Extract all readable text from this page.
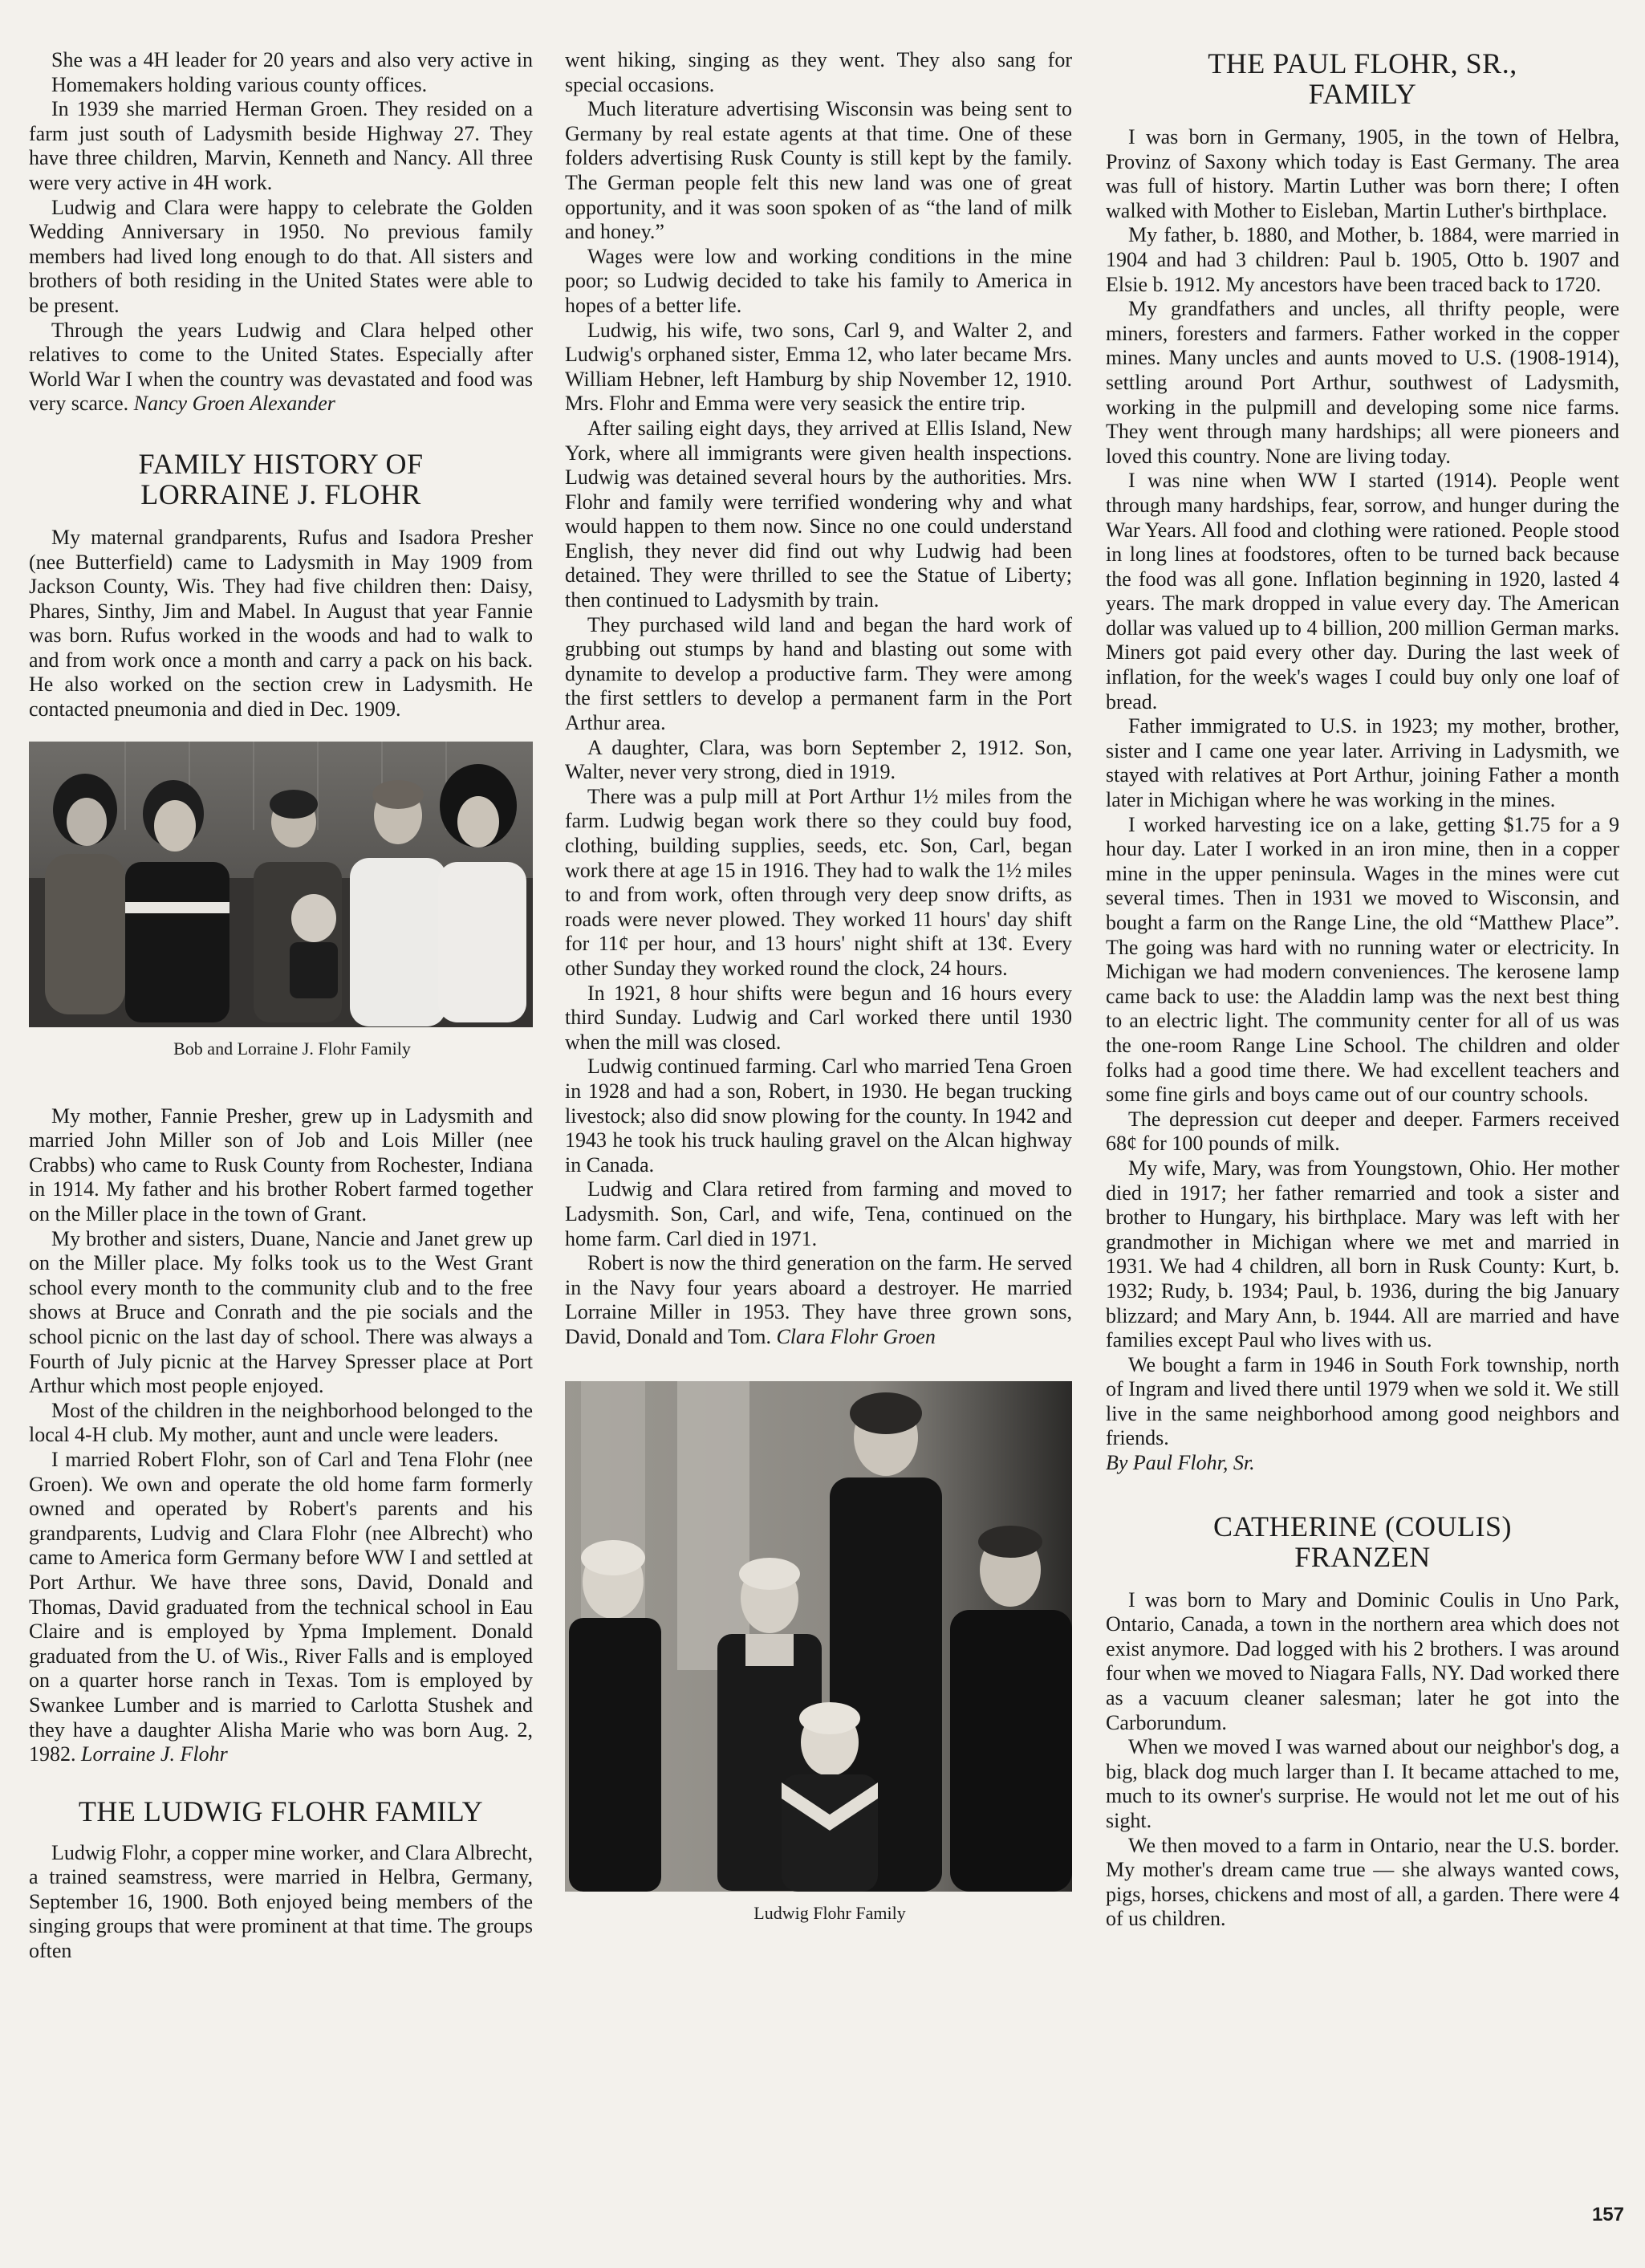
She was a 4H leader for 20 years and also very active in Homemakers holding various county offices.

In 1939 she married Herman Groen. They resided on a farm just south of Ladysmith beside Highway 27. They have three children, Marvin, Kenneth and Nancy. All three were very active in 4H work.

Ludwig and Clara were happy to celebrate the Golden Wedding Anniversary in 1950. No previous family members had lived long enough to do that. All sisters and brothers of both residing in the United States were able to be present.

Through the years Ludwig and Clara helped other relatives to come to the United States. Especially after World War I when the country was devastated and food was very scarce. Nancy Groen Alexander

FAMILY HISTORY OF
LORRAINE J. FLOHR

My maternal grandparents, Rufus and Isadora Presher (nee Butterfield) came to Ladysmith in May 1909 from Jackson County, Wis. They had five children then: Daisy, Phares, Sinthy, Jim and Mabel. In August that year Fannie was born. Rufus worked in the woods and had to walk to and from work once a month and carry a pack on his back. He also worked on the section crew in Ladysmith. He contacted pneumonia and died in Dec. 1909.

Bob and Lorraine J. Flohr Family

My mother, Fannie Presher, grew up in Ladysmith and married John Miller son of Job and Lois Miller (nee Crabbs) who came to Rusk County from Rochester, Indiana in 1914. My father and his brother Robert farmed together on the Miller place in the town of Grant.

My brother and sisters, Duane, Nancie and Janet grew up on the Miller place. My folks took us to the West Grant school every month to the community club and to the free shows at Bruce and Conrath and the pie socials and the school picnic on the last day of school. There was always a Fourth of July picnic at the Harvey Spresser place at Port Arthur which most people enjoyed.

Most of the children in the neighborhood belonged to the local 4-H club. My mother, aunt and uncle were leaders.

I married Robert Flohr, son of Carl and Tena Flohr (nee Groen). We own and operate the old home farm formerly owned and operated by Robert's parents and his grandparents, Ludvig and Clara Flohr (nee Albrecht) who came to America form Germany before WW I and settled at Port Arthur. We have three sons, David, Donald and Thomas, David graduated from the technical school in Eau Claire and is employed by Ypma Implement. Donald graduated from the U. of Wis., River Falls and is employed on a quarter horse ranch in Texas. Tom is employed by Swankee Lumber and is married to Carlotta Stushek and they have a daughter Alisha Marie who was born Aug. 2, 1982. Lorraine J. Flohr

THE LUDWIG FLOHR FAMILY

Ludwig Flohr, a copper mine worker, and Clara Albrecht, a trained seamstress, were married in Helbra, Germany, September 16, 1900. Both enjoyed being members of the singing groups that were prominent at that time. The groups often

went hiking, singing as they went. They also sang for special occasions.

Much literature advertising Wisconsin was being sent to Germany by real estate agents at that time. One of these folders advertising Rusk County is still kept by the family. The German people felt this new land was one of great opportunity, and it was soon spoken of as “the land of milk and honey.”

Wages were low and working conditions in the mine poor; so Ludwig decided to take his family to America in hopes of a better life.

Ludwig, his wife, two sons, Carl 9, and Walter 2, and Ludwig's orphaned sister, Emma 12, who later became Mrs. William Hebner, left Hamburg by ship November 12, 1910. Mrs. Flohr and Emma were very seasick the entire trip.

After sailing eight days, they arrived at Ellis Island, New York, where all immigrants were given health inspections. Ludwig was detained several hours by the authorities. Mrs. Flohr and family were terrified wondering why and what would happen to them now. Since no one could understand English, they never did find out why Ludwig had been detained. They were thrilled to see the Statue of Liberty; then continued to Ladysmith by train.

They purchased wild land and began the hard work of grubbing out stumps by hand and blasting out some with dynamite to develop a productive farm. They were among the first settlers to develop a permanent farm in the Port Arthur area.

A daughter, Clara, was born September 2, 1912. Son, Walter, never very strong, died in 1919.

There was a pulp mill at Port Arthur 1½ miles from the farm. Ludwig began work there so they could buy food, clothing, building supplies, seeds, etc. Son, Carl, began work there at age 15 in 1916. They had to walk the 1½ miles to and from work, often through very deep snow drifts, as roads were never plowed. They worked 11 hours' day shift for 11¢ per hour, and 13 hours' night shift at 13¢. Every other Sunday they worked round the clock, 24 hours.

In 1921, 8 hour shifts were begun and 16 hours every third Sunday. Ludwig and Carl worked there until 1930 when the mill was closed.

Ludwig continued farming. Carl who married Tena Groen in 1928 and had a son, Robert, in 1930. He began trucking livestock; also did snow plowing for the county. In 1942 and 1943 he took his truck hauling gravel on the Alcan highway in Canada.

Ludwig and Clara retired from farming and moved to Ladysmith. Son, Carl, and wife, Tena, continued on the home farm. Carl died in 1971.

Robert is now the third generation on the farm. He served in the Navy four years aboard a destroyer. He married Lorraine Miller in 1953. They have three grown sons, David, Donald and Tom. Clara Flohr Groen

Ludwig Flohr Family

THE PAUL FLOHR, SR.,
FAMILY

I was born in Germany, 1905, in the town of Helbra, Provinz of Saxony which today is East Germany. The area was full of history. Martin Luther was born there; I often walked with Mother to Eisleban, Martin Luther's birthplace.

My father, b. 1880, and Mother, b. 1884, were married in 1904 and had 3 children: Paul b. 1905, Otto b. 1907 and Elsie b. 1912. My ancestors have been traced back to 1720.

My grandfathers and uncles, all thrifty people, were miners, foresters and farmers. Father worked in the copper mines. Many uncles and aunts moved to U.S. (1908-1914), settling around Port Arthur, southwest of Ladysmith, working in the pulpmill and developing some nice farms. They went through many hardships; all were pioneers and loved this country. None are living today.

I was nine when WW I started (1914). People went through many hardships, fear, sorrow, and hunger during the War Years. All food and clothing were rationed. People stood in long lines at foodstores, often to be turned back because the food was all gone. Inflation beginning in 1920, lasted 4 years. The mark dropped in value every day. The American dollar was valued up to 4 billion, 200 million German marks. Miners got paid every other day. During the last week of inflation, for the week's wages I could buy only one loaf of bread.

Father immigrated to U.S. in 1923; my mother, brother, sister and I came one year later. Arriving in Ladysmith, we stayed with relatives at Port Arthur, joining Father a month later in Michigan where he was working in the mines.

I worked harvesting ice on a lake, getting $1.75 for a 9 hour day. Later I worked in an iron mine, then in a copper mine in the upper peninsula. Wages in the mines were cut several times. Then in 1931 we moved to Wisconsin, and bought a farm on the Range Line, the old “Matthew Place”. The going was hard with no running water or electricity. In Michigan we had modern conveniences. The kerosene lamp came back to use: the Aladdin lamp was the next best thing to an electric light. The community center for all of us was the one-room Range Line School. The children and older folks had a good time there. We had excellent teachers and some fine girls and boys came out of our country schools.

The depression cut deeper and deeper. Farmers received 68¢ for 100 pounds of milk.

My wife, Mary, was from Youngstown, Ohio. Her mother died in 1917; her father remarried and took a sister and brother to Hungary, his birthplace. Mary was left with her grandmother in Michigan where we met and married in 1931. We had 4 children, all born in Rusk County: Kurt, b. 1932; Rudy, b. 1934; Paul, b. 1936, during the big January blizzard; and Mary Ann, b. 1944. All are married and have families except Paul who lives with us.

We bought a farm in 1946 in South Fork township, north of Ingram and lived there until 1979 when we sold it. We still live in the same neighborhood among good neighbors and friends.

By Paul Flohr, Sr.

CATHERINE (COULIS)
FRANZEN

I was born to Mary and Dominic Coulis in Uno Park, Ontario, Canada, a town in the northern area which does not exist anymore. Dad logged with his 2 brothers. I was around four when we moved to Niagara Falls, NY. Dad worked there as a vacuum cleaner salesman; later he got into the Carborundum.

When we moved I was warned about our neighbor's dog, a big, black dog much larger than I. It became attached to me, much to its owner's surprise. He would not let me out of his sight.

We then moved to a farm in Ontario, near the U.S. border. My mother's dream came true — she always wanted cows, pigs, horses, chickens and most of all, a garden. There were 4 of us children.

157
